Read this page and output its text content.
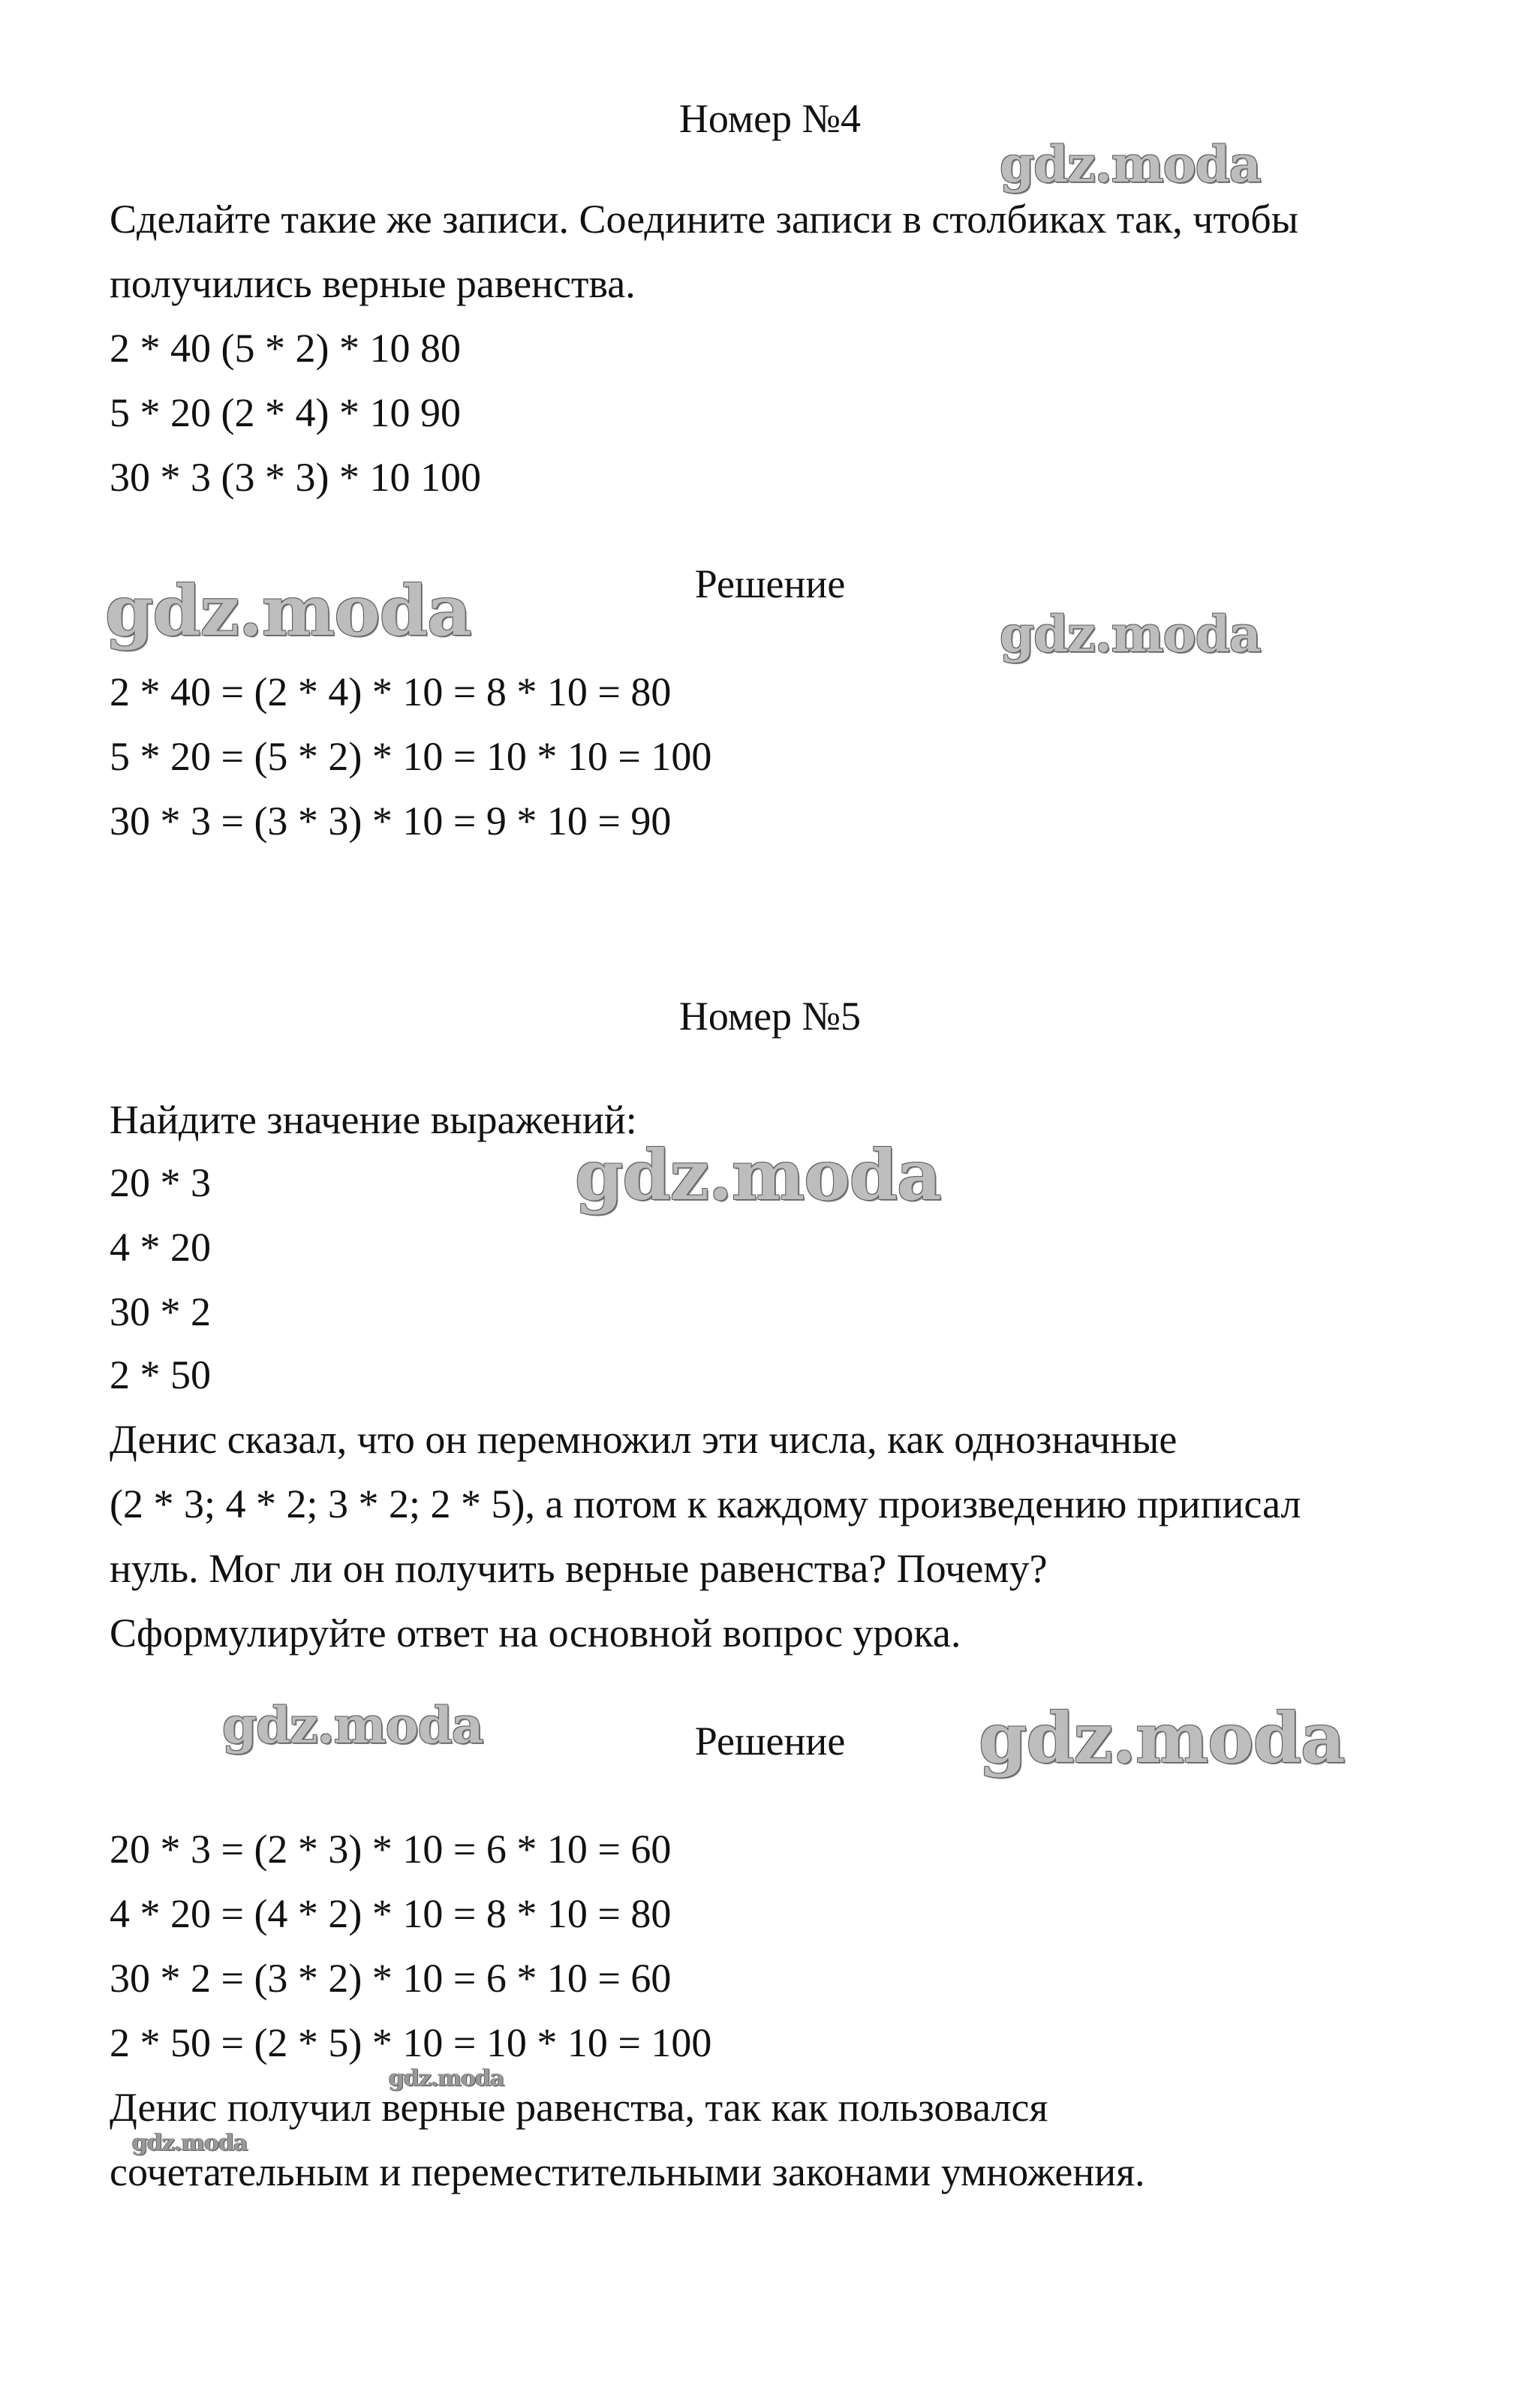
Номер №4
Сделайте такие же записи. Соедините записи в столбиках так, чтобы
получились верные равенства.
2 * 40 (5 * 2) * 10 80
5 * 20 (2 * 4) * 10 90
30 * 3 (3 * 3) * 10 100
Решение
2 * 40 = (2 * 4) * 10 = 8 * 10 = 80
5 * 20 = (5 * 2) * 10 = 10 * 10 = 100
30 * 3 = (3 * 3) * 10 = 9 * 10 = 90
Номер №5
Найдите значение выражений:
20 * 3
4 * 20
30 * 2
2 * 50
Денис сказал, что он перемножил эти числа, как однозначные
(2 * 3; 4 * 2; 3 * 2; 2 * 5), а потом к каждому произведению приписал
нуль. Мог ли он получить верные равенства? Почему?
Сформулируйте ответ на основной вопрос урока.
Решение
20 * 3 = (2 * 3) * 10 = 6 * 10 = 60
4 * 20 = (4 * 2) * 10 = 8 * 10 = 80
30 * 2 = (3 * 2) * 10 = 6 * 10 = 60
2 * 50 = (2 * 5) * 10 = 10 * 10 = 100
Денис получил верные равенства, так как пользовался
сочетательным и переместительными законами умножения.
gdz.moda
gdz.moda	gdz.moda
gdz.moda
gdz.moda	gdz.moda
gdz.moda
gdz.moda
